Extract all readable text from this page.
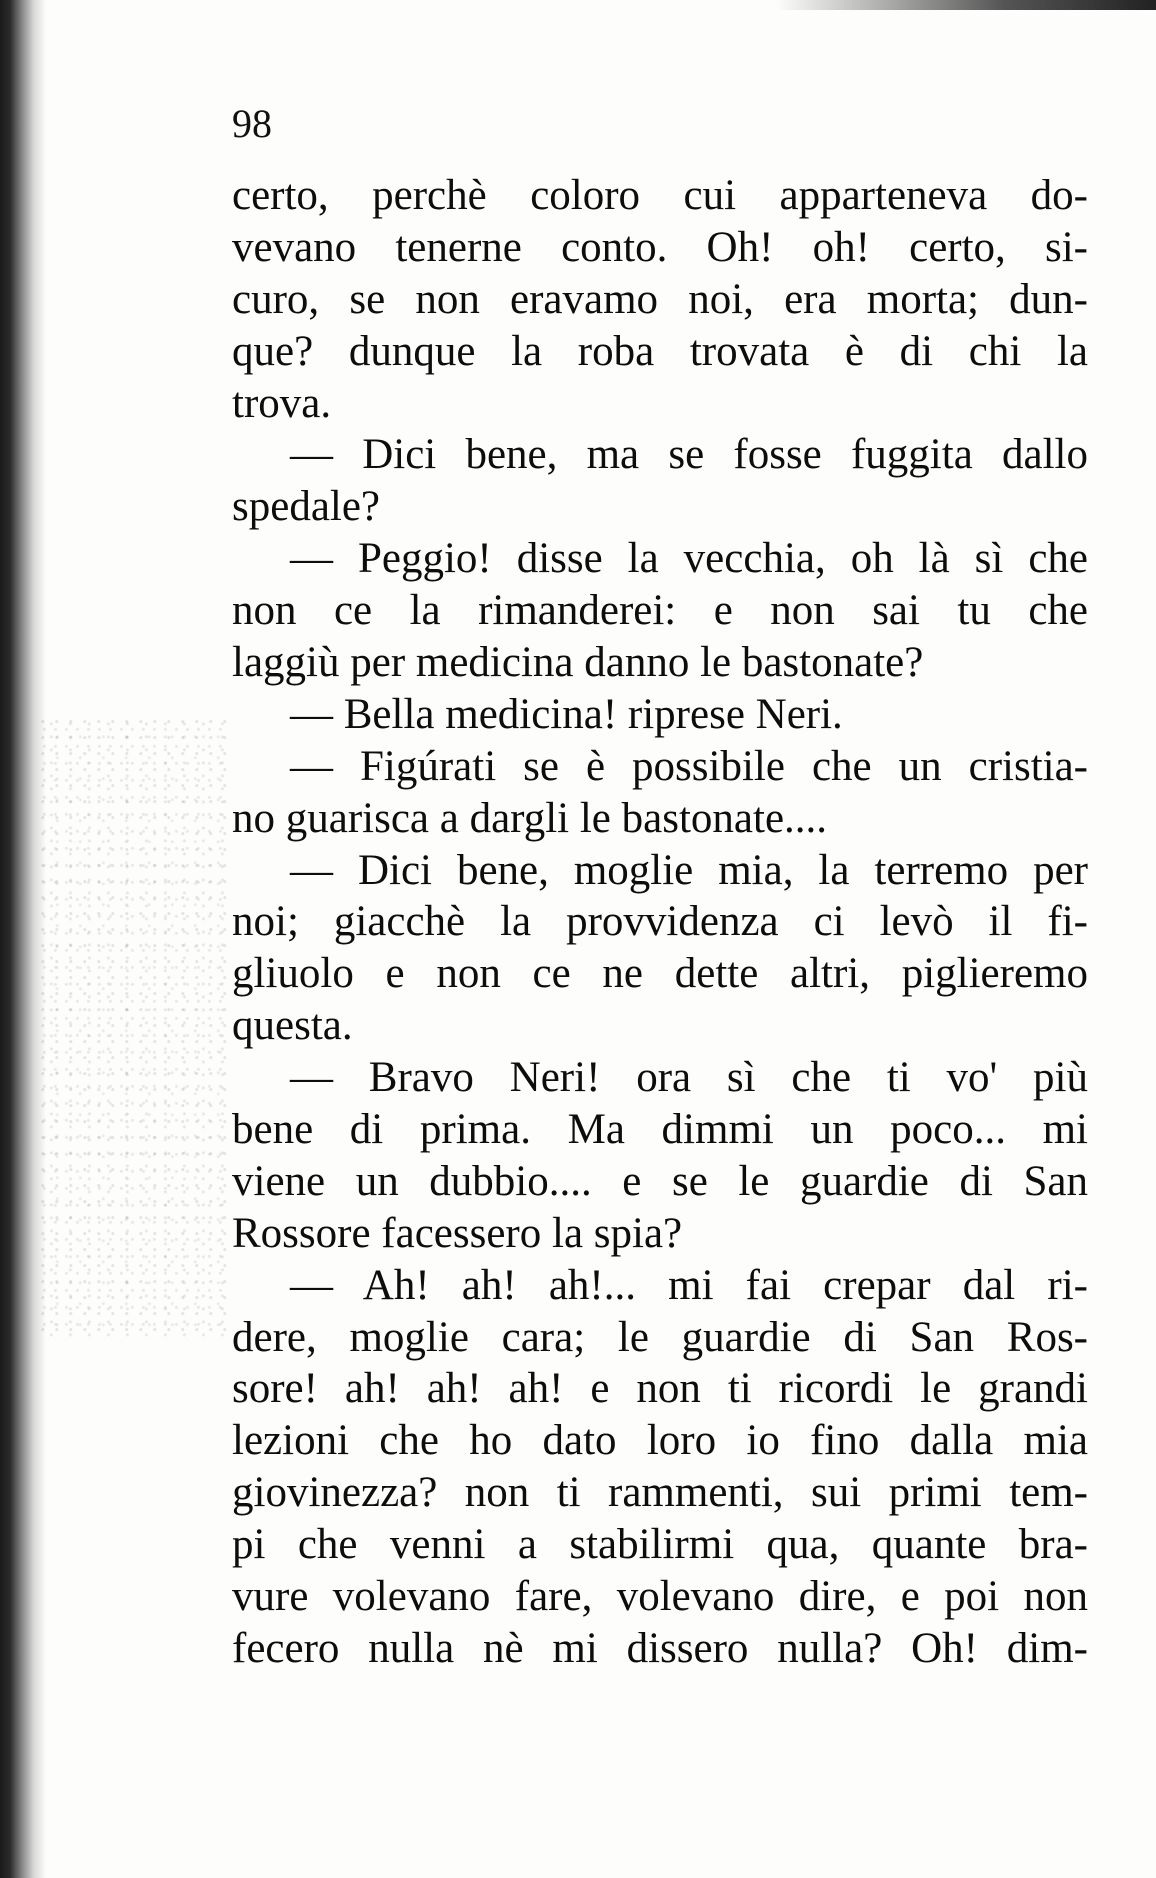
98
certo, perchè coloro cui apparteneva do-
vevano tenerne conto. Oh! oh! certo, si-
curo, se non eravamo noi, era morta; dun-
que? dunque la roba trovata è di chi la
trova.
— Dici bene, ma se fosse fuggita dallo
spedale?
— Peggio! disse la vecchia, oh là sì che
non ce la rimanderei: e non sai tu che
laggiù per medicina danno le bastonate?
— Bella medicina! riprese Neri.
— Figúrati se è possibile che un cristia-
no guarisca a dargli le bastonate....
— Dici bene, moglie mia, la terremo per
noi; giacchè la provvidenza ci levò il fi-
gliuolo e non ce ne dette altri, piglieremo
questa.
— Bravo Neri! ora sì che ti vo' più
bene di prima. Ma dimmi un poco... mi
viene un dubbio.... e se le guardie di San
Rossore facessero la spia?
— Ah! ah! ah!... mi fai crepar dal ri-
dere, moglie cara; le guardie di San Ros-
sore! ah! ah! ah! e non ti ricordi le grandi
lezioni che ho dato loro io fino dalla mia
giovinezza? non ti rammenti, sui primi tem-
pi che venni a stabilirmi qua, quante bra-
vure volevano fare, volevano dire, e poi non
fecero nulla nè mi dissero nulla? Oh! dim-
